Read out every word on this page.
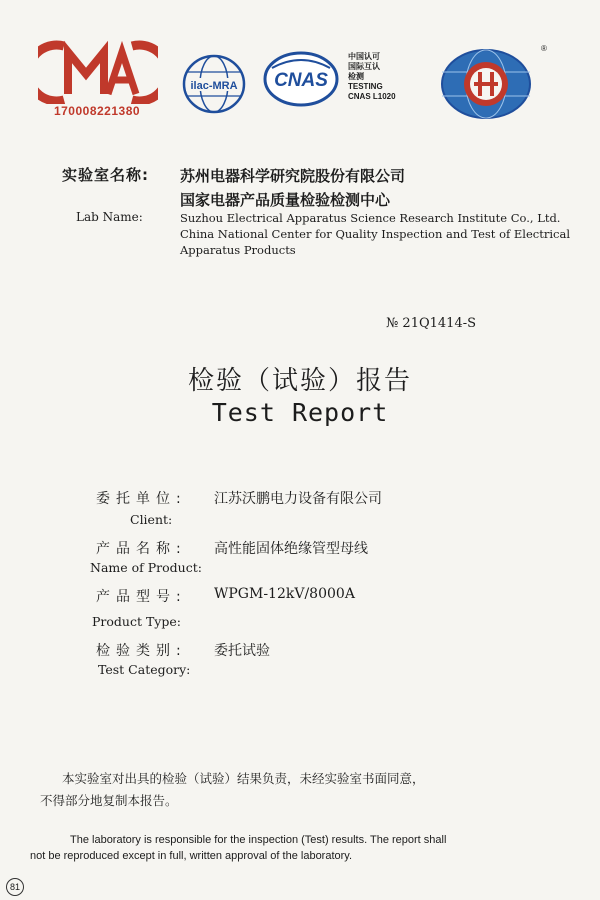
170008221380
ilac-MRA CNAS
中国认可
国际互认
检测
TESTING
CNAS L1020
®
实验室名称: 苏州电器科学研究院股份有限公司
国家电器产品质量检验检测中心
Lab Name:	Suzhou Electrical Apparatus Science Research Institute Co., Ltd.
China National Center for Quality Inspection and Test of Electrical
Apparatus Products
№ 21Q1414-S
检验（试验）报告
Test Report
委托单位: 江苏沃鹏电力设备有限公司
Client:
产品名称: 高性能固体绝缘管型母线
Name of Product:
产品型号: WPGM-12kV/8000A
Product Type:
检验类别: 委托试验
Test Category:
本实验室对出具的检验（试验）结果负责，未经实验室书面同意，
不得部分地复制本报告。
The laboratory is responsible for the inspection (Test) results. The report shall
not be reproduced except in full, written approval of the laboratory.
81
